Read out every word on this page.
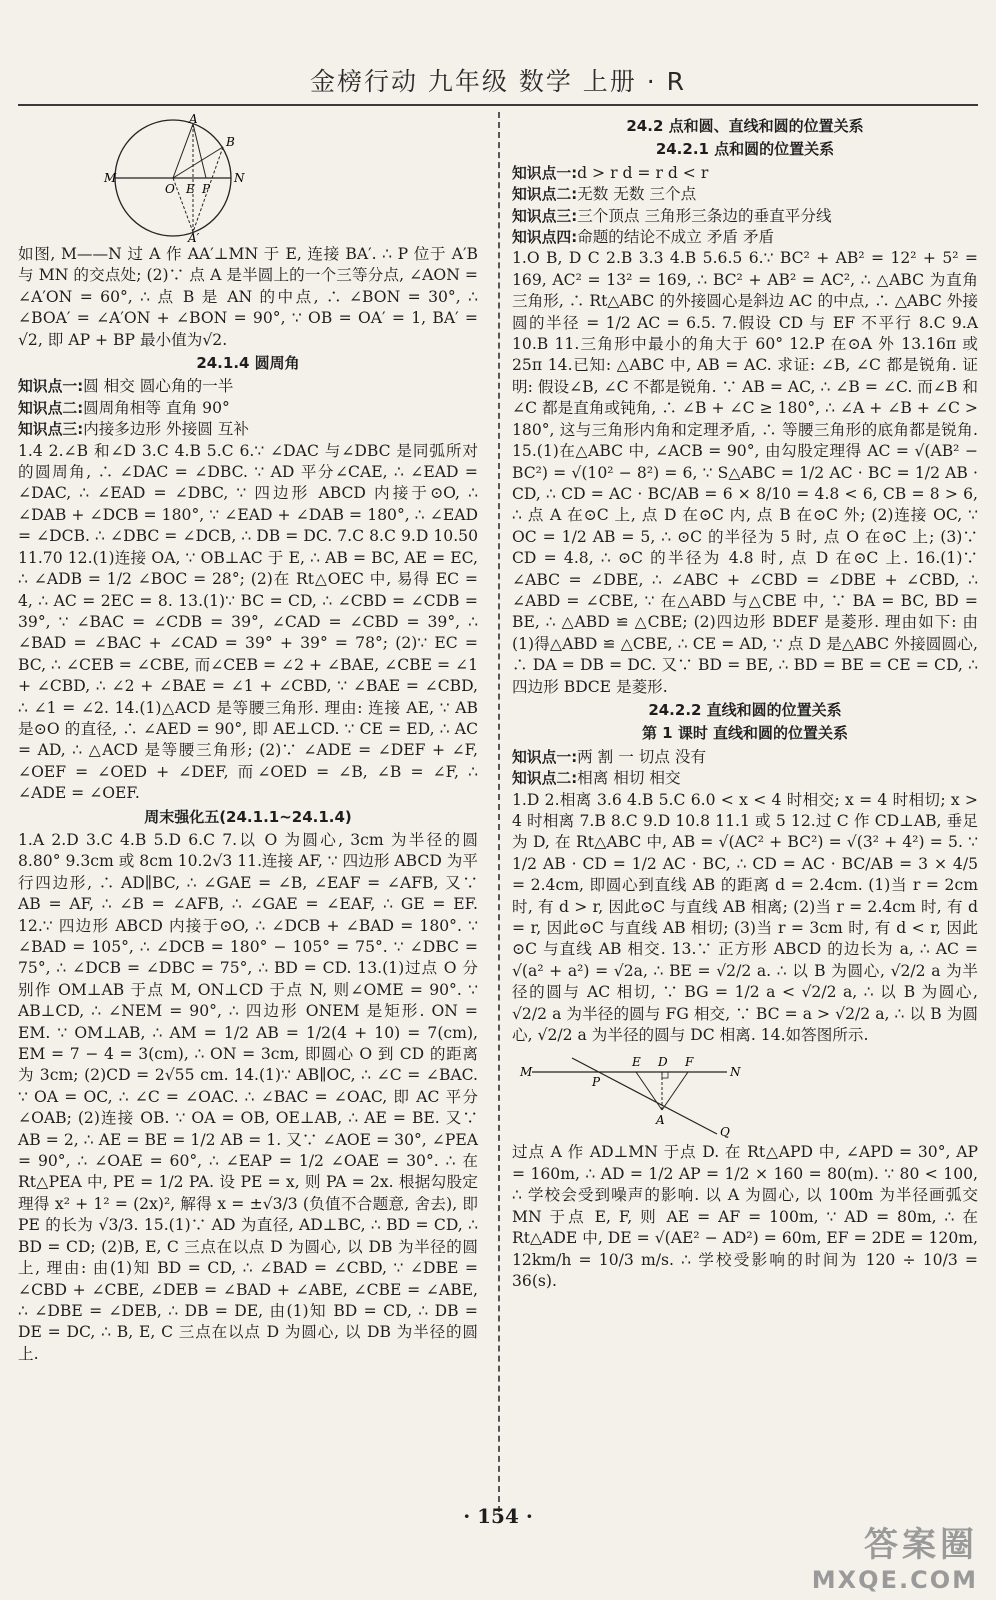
金榜行动 九年级 数学 上册 · R
A
B
M
O E P
N
A′

如图, M——N 过 A 作 AA′⊥MN 于 E, 连接 BA′. ∴ P 位于 A′B 与 MN 的交点处; (2)∵ 点 A 是半圆上的一个三等分点, ∠AON = ∠A′ON = 60°, ∴ 点 B 是 AN 的中点, ∴ ∠BON = 30°, ∴ ∠BOA′ = ∠A′ON + ∠BON = 90°, ∵ OB = OA′ = 1, BA′ = √2, 即 AP + BP 最小值为√2.

24.1.4 圆周角

知识点一:圆 相交 圆心角的一半

知识点二:圆周角相等 直角 90°

知识点三:内接多边形 外接圆 互补

1.4 2.∠B 和∠D 3.C 4.B 5.C 6.∵ ∠DAC 与∠DBC 是同弧所对的圆周角, ∴ ∠DAC = ∠DBC. ∵ AD 平分∠CAE, ∴ ∠EAD = ∠DAC, ∴ ∠EAD = ∠DBC, ∵ 四边形 ABCD 内接于⊙O, ∴ ∠DAB + ∠DCB = 180°, ∵ ∠EAD + ∠DAB = 180°, ∴ ∠EAD = ∠DCB. ∴ ∠DBC = ∠DCB, ∴ DB = DC. 7.C 8.C 9.D 10.50 11.70 12.(1)连接 OA, ∵ OB⊥AC 于 E, ∴ AB = BC, AE = EC, ∴ ∠ADB = 1/2 ∠BOC = 28°; (2)在 Rt△OEC 中, 易得 EC = 4, ∴ AC = 2EC = 8. 13.(1)∵ BC = CD, ∴ ∠CBD = ∠CDB = 39°, ∵ ∠BAC = ∠CDB = 39°, ∠CAD = ∠CBD = 39°, ∴ ∠BAD = ∠BAC + ∠CAD = 39° + 39° = 78°; (2)∵ EC = BC, ∴ ∠CEB = ∠CBE, 而∠CEB = ∠2 + ∠BAE, ∠CBE = ∠1 + ∠CBD, ∴ ∠2 + ∠BAE = ∠1 + ∠CBD, ∵ ∠BAE = ∠CBD, ∴ ∠1 = ∠2. 14.(1)△ACD 是等腰三角形. 理由: 连接 AE, ∵ AB 是⊙O 的直径, ∴ ∠AED = 90°, 即 AE⊥CD. ∵ CE = ED, ∴ AC = AD, ∴ △ACD 是等腰三角形; (2)∵ ∠ADE = ∠DEF + ∠F, ∠OEF = ∠OED + ∠DEF, 而∠OED = ∠B, ∠B = ∠F, ∴ ∠ADE = ∠OEF.

周末强化五(24.1.1~24.1.4)

1.A 2.D 3.C 4.B 5.D 6.C 7.以 O 为圆心, 3cm 为半径的圆 8.80° 9.3cm 或 8cm 10.2√3 11.连接 AF, ∵ 四边形 ABCD 为平行四边形, ∴ AD∥BC, ∴ ∠GAE = ∠B, ∠EAF = ∠AFB, 又∵ AB = AF, ∴ ∠B = ∠AFB, ∴ ∠GAE = ∠EAF, ∴ GE = EF. 12.∵ 四边形 ABCD 内接于⊙O, ∴ ∠DCB + ∠BAD = 180°. ∵ ∠BAD = 105°, ∴ ∠DCB = 180° − 105° = 75°. ∵ ∠DBC = 75°, ∴ ∠DCB = ∠DBC = 75°, ∴ BD = CD. 13.(1)过点 O 分别作 OM⊥AB 于点 M, ON⊥CD 于点 N, 则∠OME = 90°. ∵ AB⊥CD, ∴ ∠NEM = 90°, ∴ 四边形 ONEM 是矩形. ON = EM. ∵ OM⊥AB, ∴ AM = 1/2 AB = 1/2(4 + 10) = 7(cm), EM = 7 − 4 = 3(cm), ∴ ON = 3cm, 即圆心 O 到 CD 的距离为 3cm; (2)CD = 2√55 cm. 14.(1)∵ AB∥OC, ∴ ∠C = ∠BAC. ∵ OA = OC, ∴ ∠C = ∠OAC. ∴ ∠BAC = ∠OAC, 即 AC 平分∠OAB; (2)连接 OB. ∵ OA = OB, OE⊥AB, ∴ AE = BE. 又∵ AB = 2, ∴ AE = BE = 1/2 AB = 1. 又∵ ∠AOE = 30°, ∠PEA = 90°, ∴ ∠OAE = 60°, ∴ ∠EAP = 1/2 ∠OAE = 30°. ∴ 在 Rt△PEA 中, PE = 1/2 PA. 设 PE = x, 则 PA = 2x. 根据勾股定理得 x² + 1² = (2x)², 解得 x = ±√3/3 (负值不合题意, 舍去), 即 PE 的长为 √3/3. 15.(1)∵ AD 为直径, AD⊥BC, ∴ BD = CD, ∴ BD = CD; (2)B, E, C 三点在以点 D 为圆心, 以 DB 为半径的圆上, 理由: 由(1)知 BD = CD, ∴ ∠BAD = ∠CBD, ∵ ∠DBE = ∠CBD + ∠CBE, ∠DEB = ∠BAD + ∠ABE, ∠CBE = ∠ABE, ∴ ∠DBE = ∠DEB, ∴ DB = DE, 由(1)知 BD = CD, ∴ DB = DE = DC, ∴ B, E, C 三点在以点 D 为圆心, 以 DB 为半径的圆上.

24.2 点和圆、直线和圆的位置关系

24.2.1 点和圆的位置关系

知识点一:d > r d = r d < r

知识点二:无数 无数 三个点

知识点三:三个顶点 三角形三条边的垂直平分线

知识点四:命题的结论不成立 矛盾 矛盾

1.O B, D C 2.B 3.3 4.B 5.6.5 6.∵ BC² + AB² = 12² + 5² = 169, AC² = 13² = 169, ∴ BC² + AB² = AC², ∴ △ABC 为直角三角形, ∴ Rt△ABC 的外接圆心是斜边 AC 的中点, ∴ △ABC 外接圆的半径 = 1/2 AC = 6.5. 7.假设 CD 与 EF 不平行 8.C 9.A 10.B 11.三角形中最小的角大于 60° 12.P 在⊙A 外 13.16π 或 25π 14.已知: △ABC 中, AB = AC. 求证: ∠B, ∠C 都是锐角. 证明: 假设∠B, ∠C 不都是锐角. ∵ AB = AC, ∴ ∠B = ∠C. 而∠B 和∠C 都是直角或钝角, ∴ ∠B + ∠C ≥ 180°, ∴ ∠A + ∠B + ∠C > 180°, 这与三角形内角和定理矛盾, ∴ 等腰三角形的底角都是锐角. 15.(1)在△ABC 中, ∠ACB = 90°, 由勾股定理得 AC = √(AB² − BC²) = √(10² − 8²) = 6, ∵ S△ABC = 1/2 AC · BC = 1/2 AB · CD, ∴ CD = AC · BC/AB = 6 × 8/10 = 4.8 < 6, CB = 8 > 6, ∴ 点 A 在⊙C 上, 点 D 在⊙C 内, 点 B 在⊙C 外; (2)连接 OC, ∵ OC = 1/2 AB = 5, ∴ ⊙C 的半径为 5 时, 点 O 在⊙C 上; (3)∵ CD = 4.8, ∴ ⊙C 的半径为 4.8 时, 点 D 在⊙C 上. 16.(1)∵ ∠ABC = ∠DBE, ∴ ∠ABC + ∠CBD = ∠DBE + ∠CBD, ∴ ∠ABD = ∠CBE, ∵ 在△ABD 与△CBE 中, ∵ BA = BC, BD = BE, ∴ △ABD ≌ △CBE; (2)四边形 BDEF 是菱形. 理由如下: 由(1)得△ABD ≌ △CBE, ∴ CE = AD, ∵ 点 D 是△ABC 外接圆圆心, ∴ DA = DB = DC. 又∵ BD = BE, ∴ BD = BE = CE = CD, ∴ 四边形 BDCE 是菱形.

24.2.2 直线和圆的位置关系

第 1 课时 直线和圆的位置关系

知识点一:两 割 一 切点 没有

知识点二:相离 相切 相交

1.D 2.相离 3.6 4.B 5.C 6.0 < x < 4 时相交; x = 4 时相切; x > 4 时相离 7.B 8.C 9.D 10.8 11.1 或 5 12.过 C 作 CD⊥AB, 垂足为 D, 在 Rt△ABC 中, AB = √(AC² + BC²) = √(3² + 4²) = 5. ∵ 1/2 AB · CD = 1/2 AC · BC, ∴ CD = AC · BC/AB = 3 × 4/5 = 2.4cm, 即圆心到直线 AB 的距离 d = 2.4cm. (1)当 r = 2cm 时, 有 d > r, 因此⊙C 与直线 AB 相离; (2)当 r = 2.4cm 时, 有 d = r, 因此⊙C 与直线 AB 相切; (3)当 r = 3cm 时, 有 d < r, 因此⊙C 与直线 AB 相交. 13.∵ 正方形 ABCD 的边长为 a, ∴ AC = √(a² + a²) = √2a, ∴ BE = √2/2 a. ∴ 以 B 为圆心, √2/2 a 为半径的圆与 AC 相切, ∵ BG = 1/2 a < √2/2 a, ∴ 以 B 为圆心, √2/2 a 为半径的圆与 FG 相交, ∵ BC = a > √2/2 a, ∴ 以 B 为圆心, √2/2 a 为半径的圆与 DC 相离. 14.如答图所示.

M
E D F
N
P
A
Q

过点 A 作 AD⊥MN 于点 D. 在 Rt△APD 中, ∠APD = 30°, AP = 160m, ∴ AD = 1/2 AP = 1/2 × 160 = 80(m). ∵ 80 < 100, ∴ 学校会受到噪声的影响. 以 A 为圆心, 以 100m 为半径画弧交 MN 于点 E, F, 则 AE = AF = 100m, ∵ AD = 80m, ∴ 在 Rt△ADE 中, DE = √(AE² − AD²) = 60m, EF = 2DE = 120m, 12km/h = 10/3 m/s. ∴ 学校受影响的时间为 120 ÷ 10/3 = 36(s).

· 154 ·
答案圈
MXQE.COM
